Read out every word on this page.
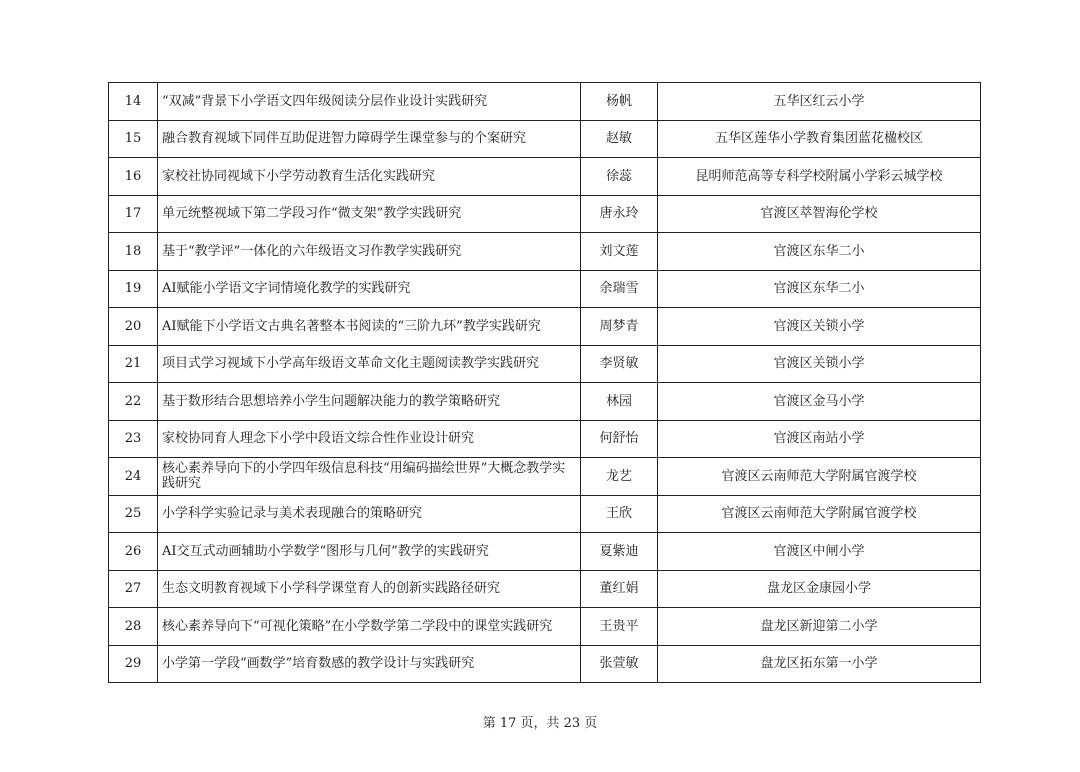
14	“双减”背景下小学语文四年级阅读分层作业设计实践研究	杨帆	五华区红云小学
15	融合教育视域下同伴互助促进智力障碍学生课堂参与的个案研究	赵敏	五华区莲华小学教育集团蓝花楹校区
16	家校社协同视域下小学劳动教育生活化实践研究	徐蕊	昆明师范高等专科学校附属小学彩云城学校
17	单元统整视域下第二学段习作“微支架”教学实践研究	唐永玲	官渡区萃智海伦学校
18	基于“教学评”一体化的六年级语文习作教学实践研究	刘文莲	官渡区东华二小
19	AI赋能小学语文字词情境化教学的实践研究	余瑞雪	官渡区东华二小
20	AI赋能下小学语文古典名著整本书阅读的“三阶九环”教学实践研究	周梦青	官渡区关锁小学
21	项目式学习视域下小学高年级语文革命文化主题阅读教学实践研究	李贤敏	官渡区关锁小学
22	基于数形结合思想培养小学生问题解决能力的教学策略研究	林园	官渡区金马小学
23	家校协同育人理念下小学中段语文综合性作业设计研究	何舒怡	官渡区南站小学
24	核心素养导向下的小学四年级信息科技“用编码描绘世界”大概念教学实践研究	龙艺	官渡区云南师范大学附属官渡学校
25	小学科学实验记录与美术表现融合的策略研究	王欣	官渡区云南师范大学附属官渡学校
26	AI交互式动画辅助小学数学“图形与几何”教学的实践研究	夏紫迪	官渡区中闸小学
27	生态文明教育视域下小学科学课堂育人的创新实践路径研究	董红娟	盘龙区金康园小学
28	核心素养导向下“可视化策略”在小学数学第二学段中的课堂实践研究	王贵平	盘龙区新迎第二小学
29	小学第一学段“画数学”培育数感的教学设计与实践研究	张萱敏	盘龙区拓东第一小学
第 17 页，共 23 页
